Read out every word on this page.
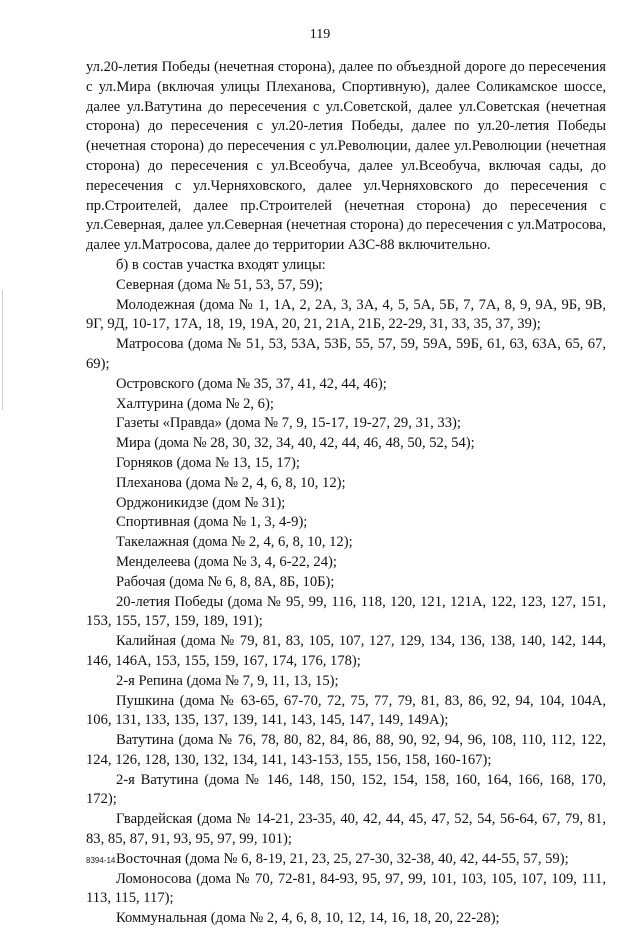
119

ул.20-летия Победы (нечетная сторона), далее по объездной дороге до пересечения с ул.Мира (включая улицы Плеханова, Спортивную), далее Соликамское шоссе, далее ул.Ватутина до пересечения с ул.Советской, далее ул.Советская (нечетная сторона) до пересечения с ул.20-летия Победы, далее по ул.20-летия Победы (нечетная сторона) до пересечения с ул.Революции, далее ул.Революции (нечетная сторона) до пересечения с ул.Всеобуча, далее ул.Всеобуча, включая сады, до пересечения с ул.Черняховского, далее ул.Черняховского до пересечения с пр.Строителей, далее пр.Строителей (нечетная сторона) до пересечения с ул.Северная, далее ул.Северная (нечетная сторона) до пересечения с ул.Матросова, далее ул.Матросова, далее до территории АЗС-88 включительно.

б) в состав участка входят улицы:

Северная (дома № 51, 53, 57, 59);

Молодежная (дома № 1, 1А, 2, 2А, 3, 3А, 4, 5, 5А, 5Б, 7, 7А, 8, 9, 9А, 9Б, 9В, 9Г, 9Д, 10-17, 17А, 18, 19, 19А, 20, 21, 21А, 21Б, 22-29, 31, 33, 35, 37, 39);

Матросова (дома № 51, 53, 53А, 53Б, 55, 57, 59, 59А, 59Б, 61, 63, 63А, 65, 67, 69);

Островского (дома № 35, 37, 41, 42, 44, 46);

Халтурина (дома № 2, 6);

Газеты «Правда» (дома № 7, 9, 15-17, 19-27, 29, 31, 33);

Мира (дома № 28, 30, 32, 34, 40, 42, 44, 46, 48, 50, 52, 54);

Горняков (дома № 13, 15, 17);

Плеханова (дома № 2, 4, 6, 8, 10, 12);

Орджоникидзе (дом № 31);

Спортивная (дома № 1, 3, 4-9);

Такелажная (дома № 2, 4, 6, 8, 10, 12);

Менделеева (дома № 3, 4, 6-22, 24);

Рабочая (дома № 6, 8, 8А, 8Б, 10Б);

20-летия Победы (дома № 95, 99, 116, 118, 120, 121, 121А, 122, 123, 127, 151, 153, 155, 157, 159, 189, 191);

Калийная (дома № 79, 81, 83, 105, 107, 127, 129, 134, 136, 138, 140, 142, 144, 146, 146А, 153, 155, 159, 167, 174, 176, 178);

2-я Репина (дома № 7, 9, 11, 13, 15);

Пушкина (дома № 63-65, 67-70, 72, 75, 77, 79, 81, 83, 86, 92, 94, 104, 104А, 106, 131, 133, 135, 137, 139, 141, 143, 145, 147, 149, 149А);

Ватутина (дома № 76, 78, 80, 82, 84, 86, 88, 90, 92, 94, 96, 108, 110, 112, 122, 124, 126, 128, 130, 132, 134, 141, 143-153, 155, 156, 158, 160-167);

2-я Ватутина (дома № 146, 148, 150, 152, 154, 158, 160, 164, 166, 168, 170, 172);

Гвардейская (дома № 14-21, 23-35, 40, 42, 44, 45, 47, 52, 54, 56-64, 67, 79, 81, 83, 85, 87, 91, 93, 95, 97, 99, 101);

Восточная (дома № 6, 8-19, 21, 23, 25, 27-30, 32-38, 40, 42, 44-55, 57, 59);

Ломоносова (дома № 70, 72-81, 84-93, 95, 97, 99, 101, 103, 105, 107, 109, 111, 113, 115, 117);

Коммунальная (дома № 2, 4, 6, 8, 10, 12, 14, 16, 18, 20, 22-28);

8394-14
